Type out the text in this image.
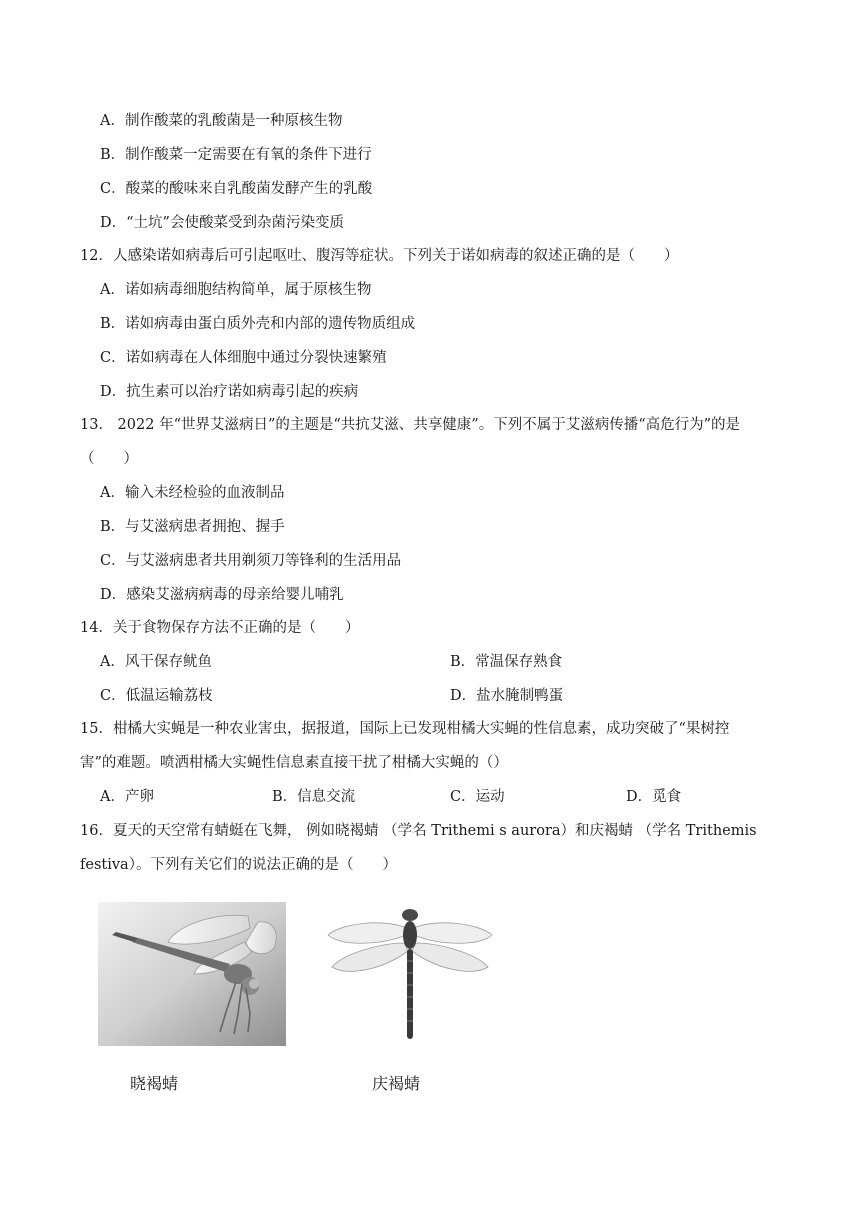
A．制作酸菜的乳酸菌是一种原核生物
B．制作酸菜一定需要在有氧的条件下进行
C．酸菜的酸味来自乳酸菌发酵产生的乳酸
D．“土坑”会使酸菜受到杂菌污染变质
12．人感染诺如病毒后可引起呕吐、腹泻等症状。下列关于诺如病毒的叙述正确的是（　　）
A．诺如病毒细胞结构简单，属于原核生物
B．诺如病毒由蛋白质外壳和内部的遗传物质组成
C．诺如病毒在人体细胞中通过分裂快速繁殖
D．抗生素可以治疗诺如病毒引起的疾病
13． 2022 年“世界艾滋病日”的主题是“共抗艾滋、共享健康”。下列不属于艾滋病传播“高危行为”的是
（　　）
A．输入未经检验的血液制品
B．与艾滋病患者拥抱、握手
C．与艾滋病患者共用剃须刀等锋利的生活用品
D．感染艾滋病病毒的母亲给婴儿哺乳
14．关于食物保存方法不正确的是（　　）
A．风干保存鱿鱼	B．常温保存熟食
C．低温运输荔枝	D．盐水腌制鸭蛋
15．柑橘大实蝇是一种农业害虫，据报道，国际上已发现柑橘大实蝇的性信息素，成功突破了“果树控
害”的难题。喷洒柑橘大实蝇性信息素直接干扰了柑橘大实蝇的（）
A．产卵	B．信息交流	C．运动	D．觅食
16．夏天的天空常有蜻蜓在飞舞， 例如晓褐蜻 （学名 Trithemi s aurora）和庆褐蜻 （学名 Trithemis
festiva）。下列有关它们的说法正确的是（　　）
晓褐蜻	庆褐蜻
